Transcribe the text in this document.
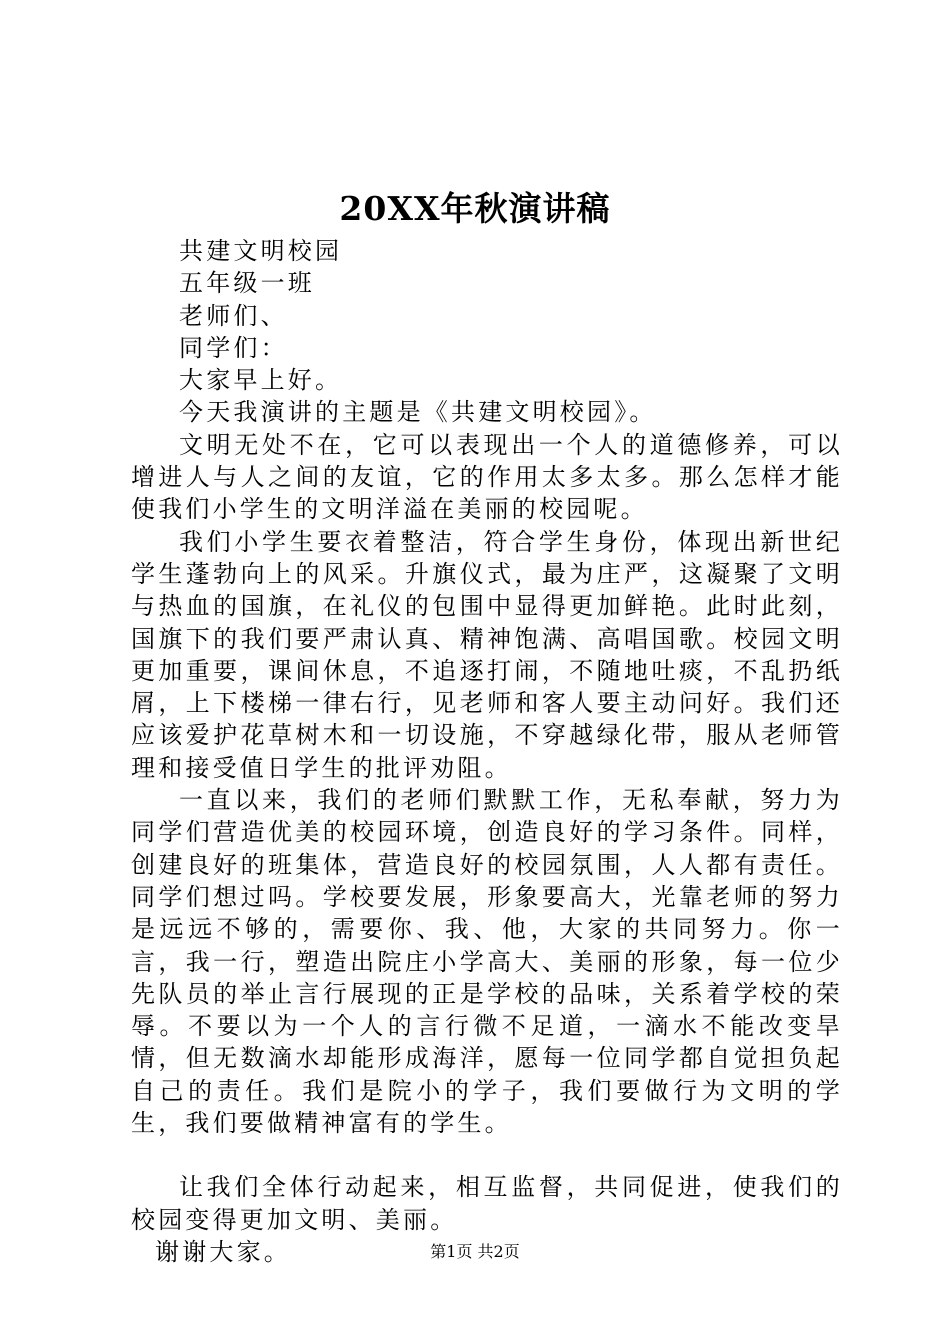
20XX年秋演讲稿

共建文明校园

五年级一班

老师们、

同学们：

大家早上好。

今天我演讲的主题是《共建文明校园》。

文明无处不在，它可以表现出一个人的道德修养，可以增进人与人之间的友谊，它的作用太多太多。那么怎样才能使我们小学生的文明洋溢在美丽的校园呢。

我们小学生要衣着整洁，符合学生身份，体现出新世纪学生蓬勃向上的风采。升旗仪式，最为庄严，这凝聚了文明与热血的国旗，在礼仪的包围中显得更加鲜艳。此时此刻，国旗下的我们要严肃认真、精神饱满、高唱国歌。校园文明更加重要，课间休息，不追逐打闹，不随地吐痰，不乱扔纸屑，上下楼梯一律右行，见老师和客人要主动问好。我们还应该爱护花草树木和一切设施，不穿越绿化带，服从老师管理和接受值日学生的批评劝阻。

一直以来，我们的老师们默默工作，无私奉献，努力为同学们营造优美的校园环境，创造良好的学习条件。同样，创建良好的班集体，营造良好的校园氛围，人人都有责任。同学们想过吗。学校要发展，形象要高大，光靠老师的努力是远远不够的，需要你、我、他，大家的共同努力。你一言，我一行，塑造出院庄小学高大、美丽的形象，每一位少先队员的举止言行展现的正是学校的品味，关系着学校的荣辱。不要以为一个人的言行微不足道，一滴水不能改变旱情，但无数滴水却能形成海洋，愿每一位同学都自觉担负起自己的责任。我们是院小的学子，我们要做行为文明的学生，我们要做精神富有的学生。

让我们全体行动起来，相互监督，共同促进，使我们的校园变得更加文明、美丽。

谢谢大家。	第1页 共2页
